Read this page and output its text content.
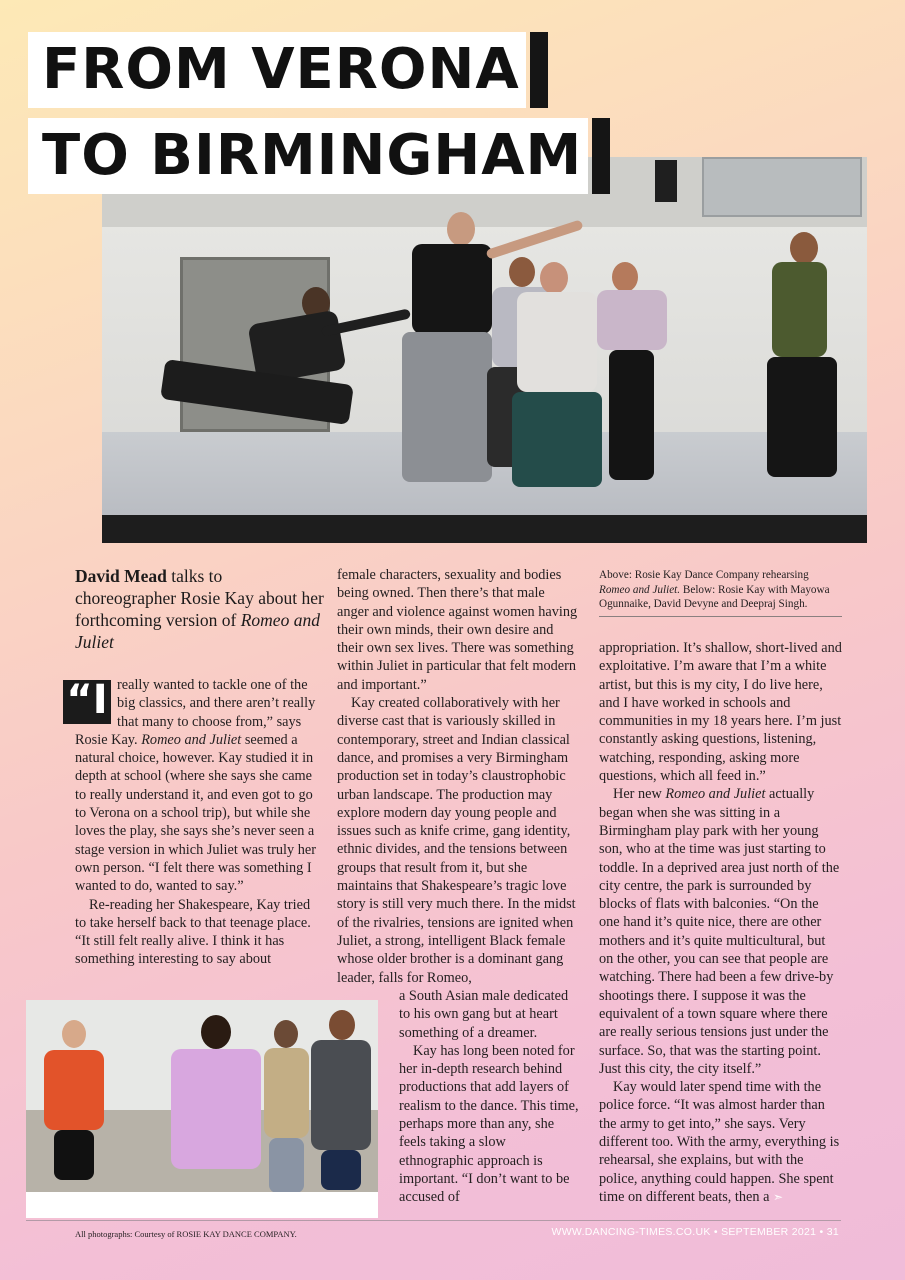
FROM VERONA
TO BIRMINGHAM
David Mead talks to choreographer Rosie Kay about her forthcoming version of Romeo and Juliet
Above: Rosie Kay Dance Company rehearsing Romeo and Juliet. Below: Rosie Kay with Mayowa Ogunnaike, David Devyne and Deepraj Singh.

“I really wanted to tackle one of the big classics, and there aren’t really that many to choose from,” says Rosie Kay. Romeo and Juliet seemed a natural choice, however. Kay studied it in depth at school (where she says she came to really understand it, and even got to go to Verona on a school trip), but while she loves the play, she says she’s never seen a stage version in which Juliet was truly her own person. “I felt there was something I wanted to do, wanted to say.”

Re-reading her Shakespeare, Kay tried to take herself back to that teenage place. “It still felt really alive. I think it has something interesting to say about

female characters, sexuality and bodies being owned. Then there’s that male anger and violence against women having their own minds, their own desire and their own sex lives. There was something within Juliet in particular that felt modern and important.”

Kay created collaboratively with her diverse cast that is variously skilled in contemporary, street and Indian classical dance, and promises a very Birmingham production set in today’s claustrophobic urban landscape. The production may explore modern day young people and issues such as knife crime, gang identity, ethnic divides, and the tensions between groups that result from it, but she maintains that Shakespeare’s tragic love story is still very much there. In the midst of the rivalries, tensions are ignited when Juliet, a strong, intelligent Black female whose older brother is a dominant gang leader, falls for Romeo,

a South Asian male dedicated to his own gang but at heart something of a dreamer.

Kay has long been noted for her in-depth research behind productions that add layers of realism to the dance. This time, perhaps more than any, she feels taking a slow ethnographic approach is important. “I don’t want to be accused of

appropriation. It’s shallow, short-lived and exploitative. I’m aware that I’m a white artist, but this is my city, I do live here, and I have worked in schools and communities in my 18 years here. I’m just constantly asking questions, listening, watching, responding, asking more questions, which all feed in.”

Her new Romeo and Juliet actually began when she was sitting in a Birmingham play park with her young son, who at the time was just starting to toddle. In a deprived area just north of the city centre, the park is surrounded by blocks of flats with balconies. “On the one hand it’s quite nice, there are other mothers and it’s quite multicultural, but on the other, you can see that people are watching. There had been a few drive-by shootings there. I suppose it was the equivalent of a town square where there are really serious tensions just under the surface. So, that was the starting point. Just this city, the city itself.”

Kay would later spend time with the police force. “It was almost harder than the army to get into,” she says. Very different too. With the army, everything is rehearsal, she explains, but with the police, anything could happen. She spent time on different beats, then a ➣

All photographs: Courtesy of ROSIE KAY DANCE COMPANY.	WWW.DANCING-TIMES.CO.UK • SEPTEMBER 2021 • 31
